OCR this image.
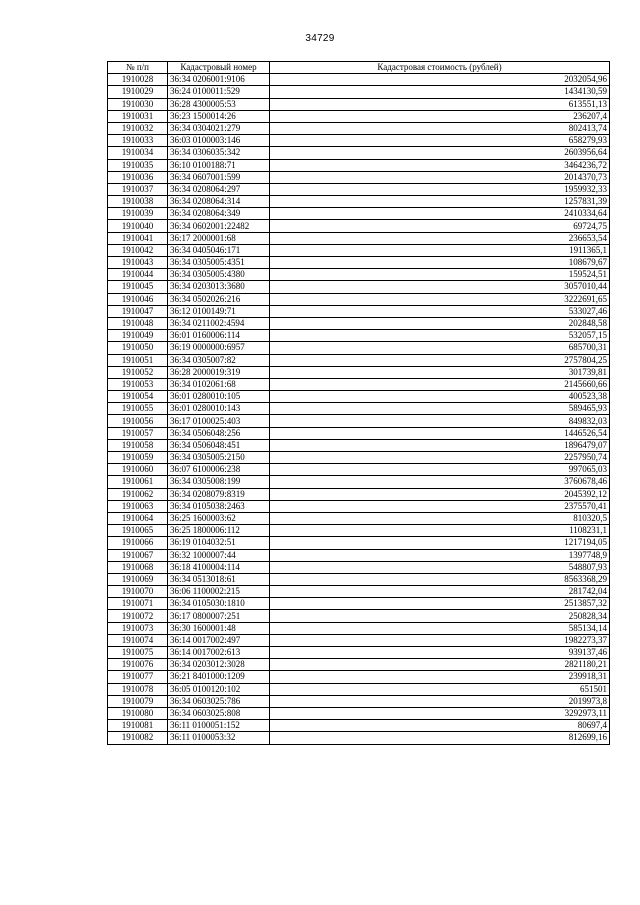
34729
№ п/п	Кадастровый номер	Кадастровая стоимость (рублей)
1910028	36:34 0206001:9106	2032054,96
1910029	36:24 0100011:529	1434130,59
1910030	36:28 4300005:53	613551,13
1910031	36:23 1500014:26	236207,4
1910032	36:34 0304021:279	802413,74
1910033	36:03 0100003:146	658279,93
1910034	36:34 0306035:342	2603956,64
1910035	36:10 0100188:71	3464236,72
1910036	36:34 0607001:599	2014370,73
1910037	36:34 0208064:297	1959932,33
1910038	36:34 0208064:314	1257831,39
1910039	36:34 0208064:349	2410334,64
1910040	36:34 0602001:22482	69724,75
1910041	36:17 2000001:68	236653,54
1910042	36:34 0405046:171	1911365,1
1910043	36:34 0305005:4351	108679,67
1910044	36:34 0305005:4380	159524,51
1910045	36:34 0203013:3680	3057010,44
1910046	36:34 0502026:216	3222691,65
1910047	36:12 0100149:71	533027,46
1910048	36:34 0211002:4594	202848,58
1910049	36:01 0160006:114	532057,15
1910050	36:19 0000000:6957	685700,31
1910051	36:34 0305007:82	2757804,25
1910052	36:28 2000019:319	301739,81
1910053	36:34 0102061:68	2145660,66
1910054	36:01 0280010:105	400523,38
1910055	36:01 0280010:143	589465,93
1910056	36:17 0100025:403	849832,03
1910057	36:34 0506048:256	1446526,54
1910058	36:34 0506048:451	1896479,07
1910059	36:34 0305005:2150	2257950,74
1910060	36:07 6100006:238	997065,03
1910061	36:34 0305008:199	3760678,46
1910062	36:34 0208079:8319	2045392,12
1910063	36:34 0105038:2463	2375570,41
1910064	36:25 1600003:62	810320,5
1910065	36:25 1800006:112	1108231,1
1910066	36:19 0104032:51	1217194,05
1910067	36:32 1000007:44	1397748,9
1910068	36:18 4100004:114	548807,93
1910069	36:34 0513018:61	8563368,29
1910070	36:06 1100002:215	281742,04
1910071	36:34 0105030:1810	2513857,32
1910072	36:17 0800007:251	250828,34
1910073	36:30 1600001:48	585134,14
1910074	36:14 0017002:497	1982273,37
1910075	36:14 0017002:613	939137,46
1910076	36:34 0203012:3028	2821180,21
1910077	36:21 8401000:1209	239918,31
1910078	36:05 0100120:102	651501
1910079	36:34 0603025:786	2019973,8
1910080	36:34 0603025:808	3292973,11
1910081	36:11 0100051:152	80697,4
1910082	36:11 0100053:32	812699,16
